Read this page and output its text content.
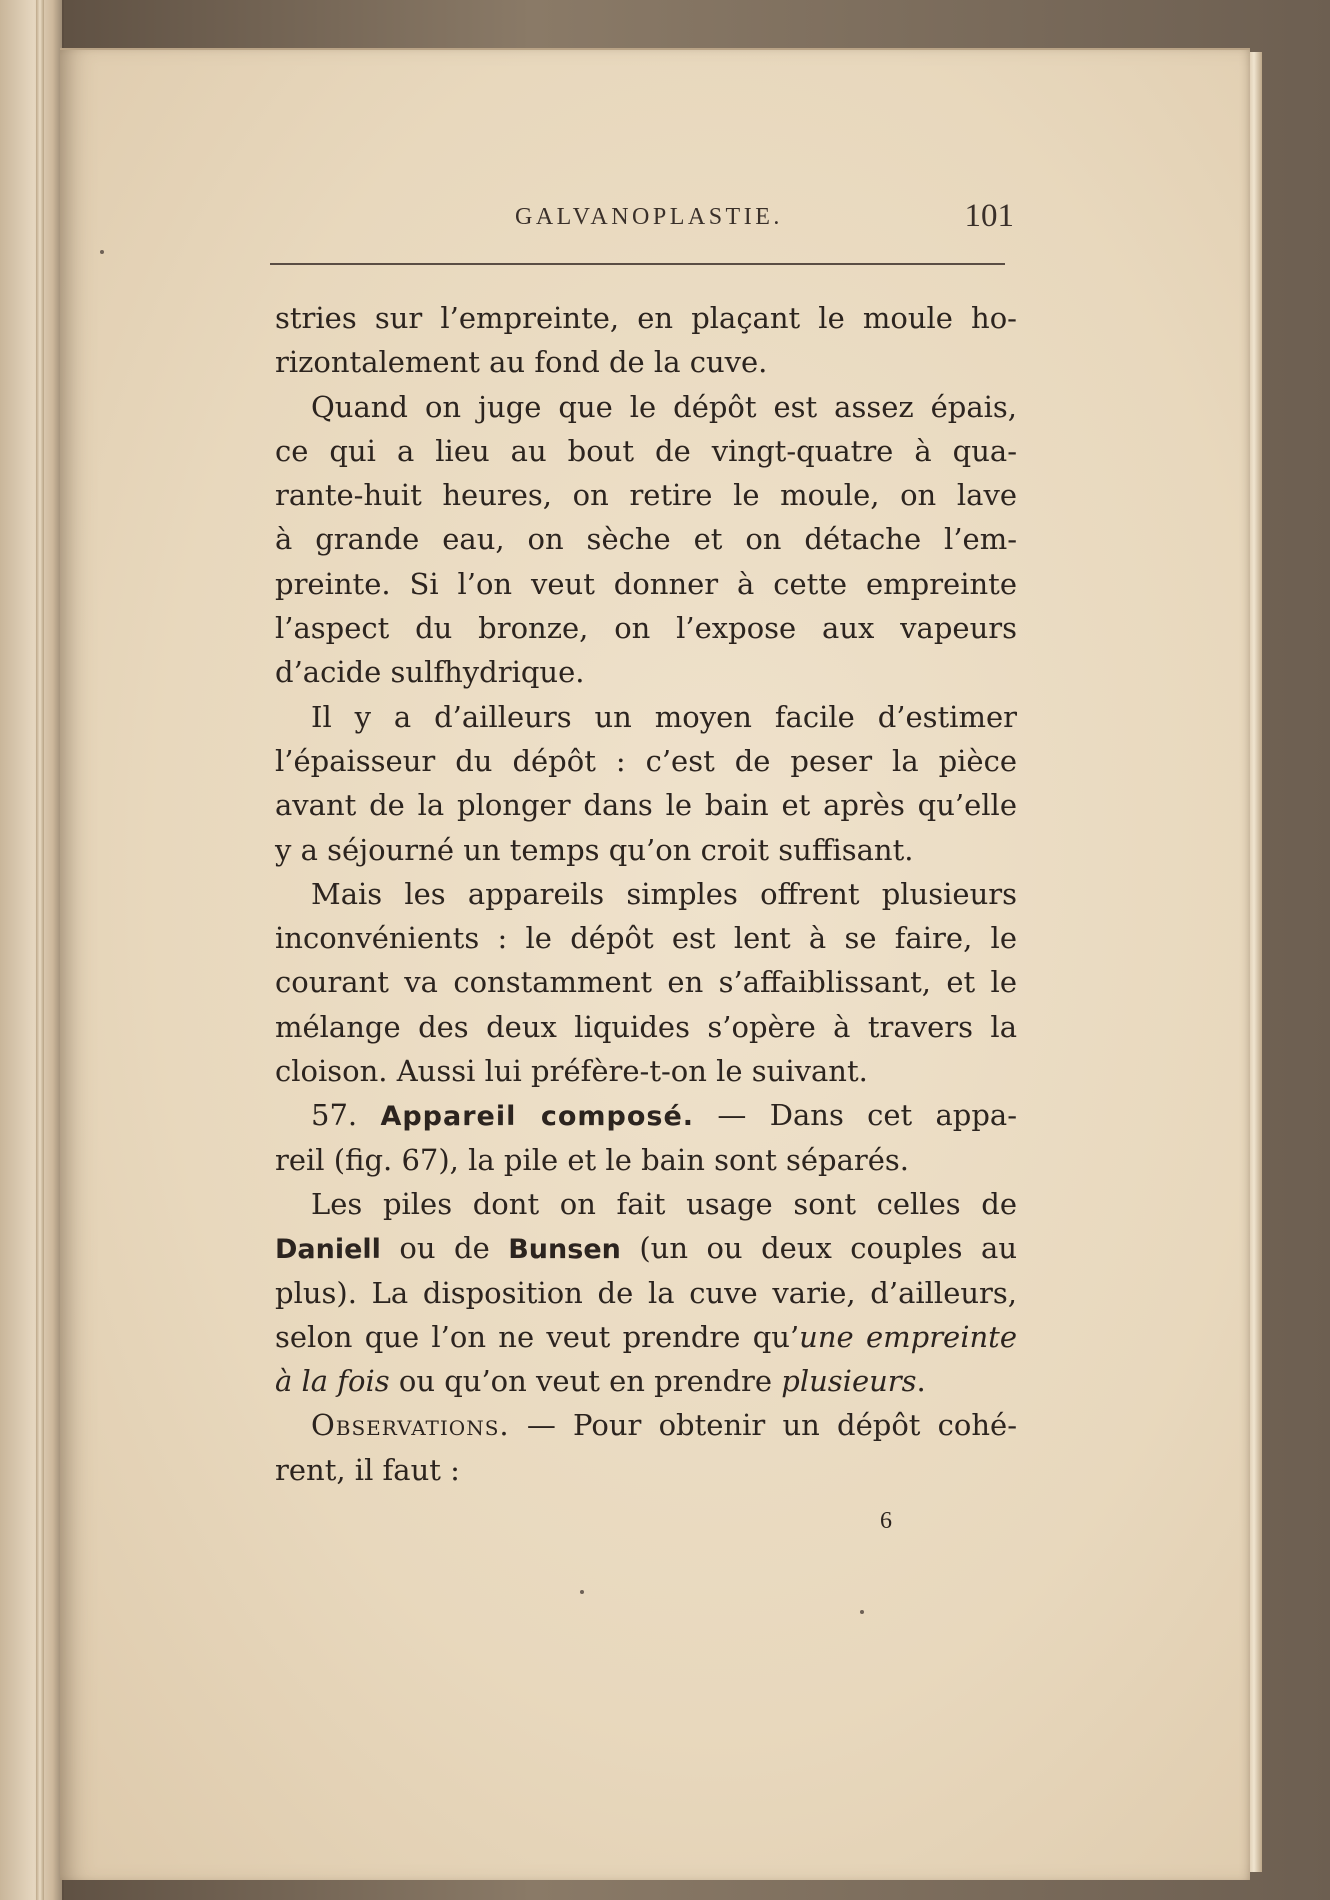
GALVANOPLASTIE.	101
stries sur l’empreinte, en plaçant le moule ho-
rizontalement au fond de la cuve.
Quand on juge que le dépôt est assez épais,
ce qui a lieu au bout de vingt-quatre à qua-
rante-huit heures, on retire le moule, on lave
à grande eau, on sèche et on détache l’em-
preinte. Si l’on veut donner à cette empreinte
l’aspect du bronze, on l’expose aux vapeurs
d’acide sulfhydrique.
Il y a d’ailleurs un moyen facile d’estimer
l’épaisseur du dépôt : c’est de peser la pièce
avant de la plonger dans le bain et après qu’elle
y a séjourné un temps qu’on croit suffisant.
Mais les appareils simples offrent plusieurs
inconvénients : le dépôt est lent à se faire, le
courant va constamment en s’affaiblissant, et le
mélange des deux liquides s’opère à travers la
cloison. Aussi lui préfère-t-on le suivant.
57. Appareil composé. — Dans cet appa-
reil (fig. 67), la pile et le bain sont séparés.
Les piles dont on fait usage sont celles de
Daniell ou de Bunsen (un ou deux couples au
plus). La disposition de la cuve varie, d’ailleurs,
selon que l’on ne veut prendre qu’une empreinte
à la fois ou qu’on veut en prendre plusieurs.
Observations. — Pour obtenir un dépôt cohé-
rent, il faut :
6
